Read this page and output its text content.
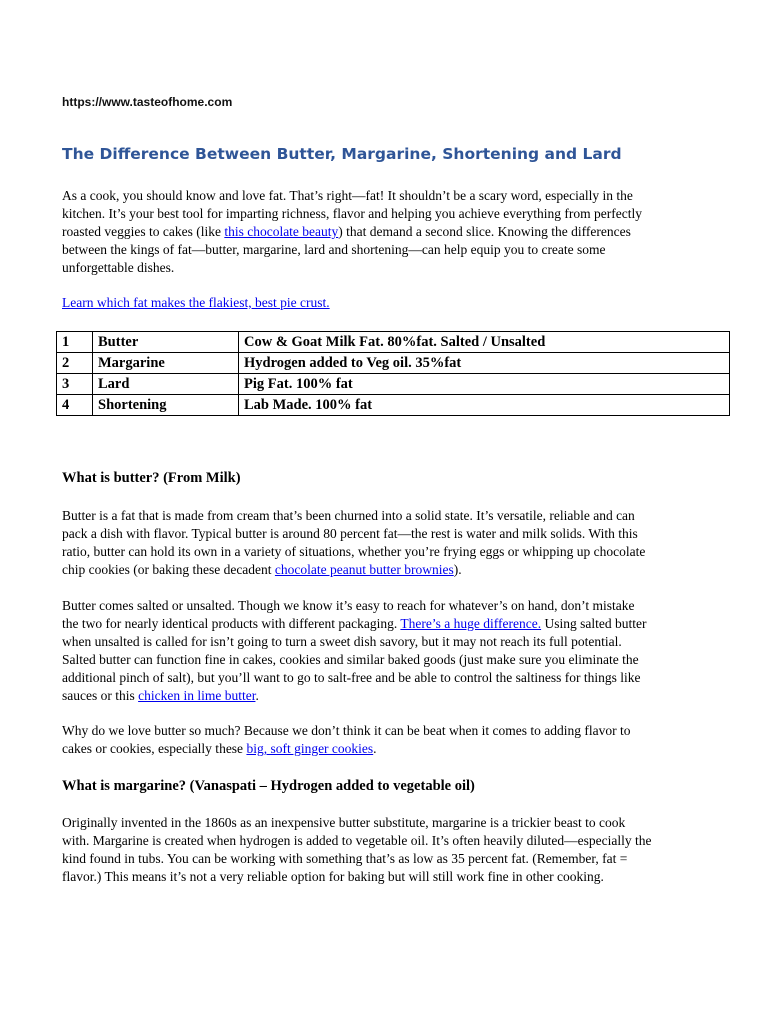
https://www.tasteofhome.com
The Difference Between Butter, Margarine, Shortening and Lard

As a cook, you should know and love fat. That’s right—fat! It shouldn’t be a scary word, especially in the
kitchen. It’s your best tool for imparting richness, flavor and helping you achieve everything from perfectly
roasted veggies to cakes (like this chocolate beauty) that demand a second slice. Knowing the differences
between the kings of fat—butter, margarine, lard and shortening—can help equip you to create some
unforgettable dishes.

Learn which fat makes the flakiest, best pie crust.

1	Butter	Cow & Goat Milk Fat. 80%fat. Salted / Unsalted
2	Margarine	Hydrogen added to Veg oil. 35%fat
3	Lard	Pig Fat. 100% fat
4	Shortening	Lab Made. 100% fat
What is butter? (From Milk)

Butter is a fat that is made from cream that’s been churned into a solid state. It’s versatile, reliable and can
pack a dish with flavor. Typical butter is around 80 percent fat—the rest is water and milk solids. With this
ratio, butter can hold its own in a variety of situations, whether you’re frying eggs or whipping up chocolate
chip cookies (or baking these decadent chocolate peanut butter brownies).

Butter comes salted or unsalted. Though we know it’s easy to reach for whatever’s on hand, don’t mistake
the two for nearly identical products with different packaging. There’s a huge difference. Using salted butter
when unsalted is called for isn’t going to turn a sweet dish savory, but it may not reach its full potential.
Salted butter can function fine in cakes, cookies and similar baked goods (just make sure you eliminate the
additional pinch of salt), but you’ll want to go to salt-free and be able to control the saltiness for things like
sauces or this chicken in lime butter.

Why do we love butter so much? Because we don’t think it can be beat when it comes to adding flavor to
cakes or cookies, especially these big, soft ginger cookies.

What is margarine? (Vanaspati – Hydrogen added to vegetable oil)

Originally invented in the 1860s as an inexpensive butter substitute, margarine is a trickier beast to cook
with. Margarine is created when hydrogen is added to vegetable oil. It’s often heavily diluted—especially the
kind found in tubs. You can be working with something that’s as low as 35 percent fat. (Remember, fat =
flavor.) This means it’s not a very reliable option for baking but will still work fine in other cooking.
